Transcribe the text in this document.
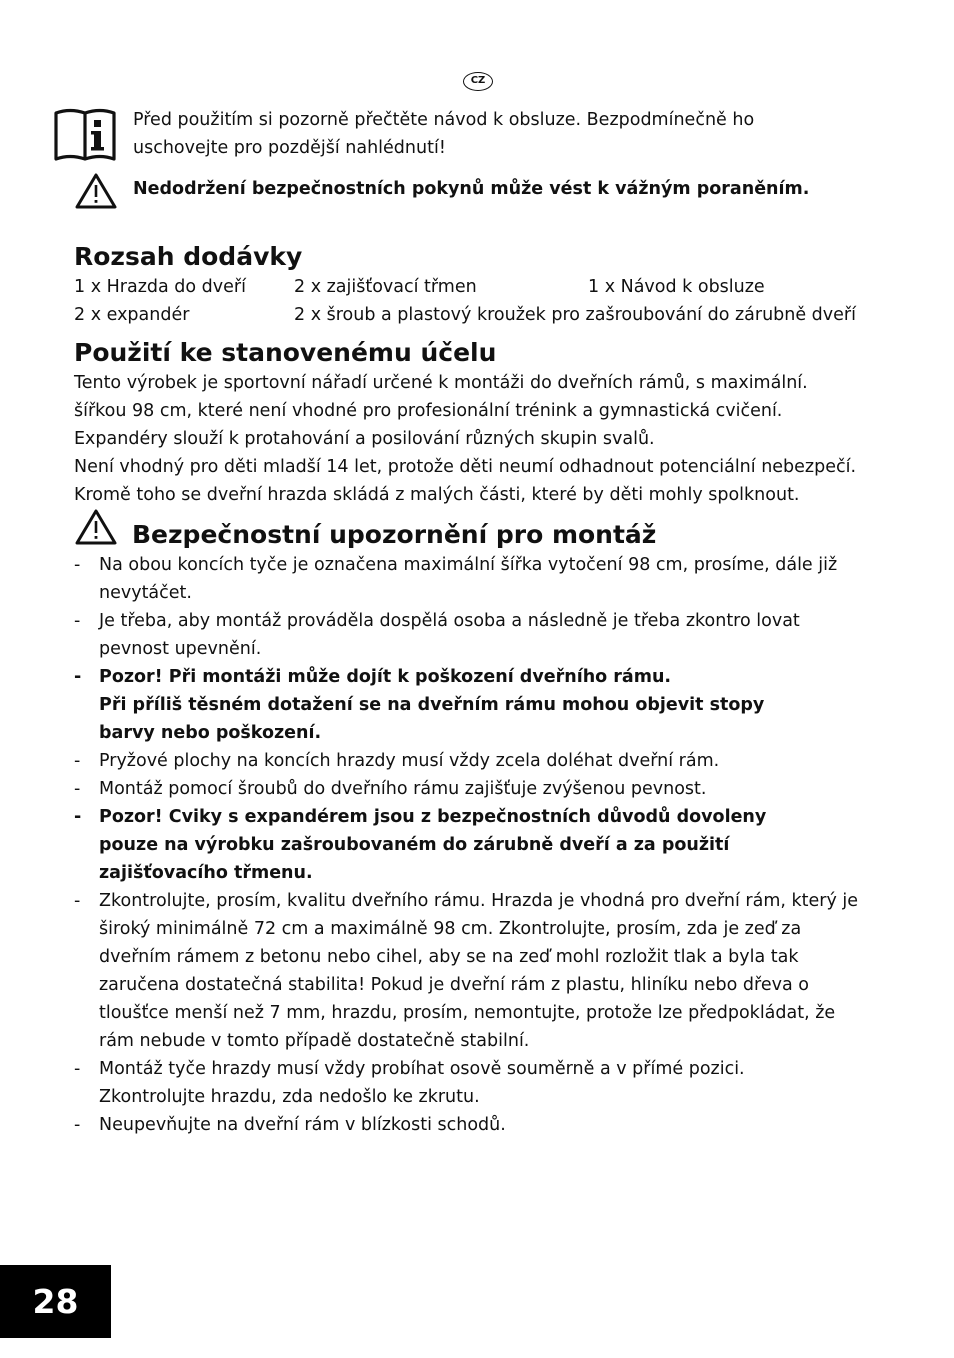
CZ
Před použitím si pozorně přečtěte návod k obsluze. Bezpodmínečně ho
uschovejte pro pozdější nahlédnutí!
Nedodržení bezpečnostních pokynů může vést k vážným poraněním.
Rozsah dodávky
1 x Hrazda do dveří	2 x zajišťovací třmen	1 x Návod k obsluze
2 x expandér	2 x šroub a plastový kroužek pro zašroubování do zárubně dveří
Použití ke stanovenému účelu

Tento výrobek je sportovní nářadí určené k montáži do dveřních rámů, s maximální.

šířkou 98 cm, které není vhodné pro profesionální trénink a gymnastická cvičení.

Expandéry slouží k protahování a posilování různých skupin svalů.

Není vhodný pro děti mladší 14 let, protože děti neumí odhadnout potenciální nebezpečí.

Kromě toho se dveřní hrazda skládá z malých části, které by děti mohly spolknout.

Bezpečnostní upozornění pro montáž
- Na obou koncích tyče je označena maximální šířka vytočení 98 cm, prosíme, dále již
nevytáčet.
- Je třeba, aby montáž prováděla dospělá osoba a následně je třeba zkontro lovat
pevnost upevnění.
- Pozor! Při montáži může dojít k poškození dveřního rámu.
Při příliš těsném dotažení se na dveřním rámu mohou objevit stopy
barvy nebo poškození.
- Pryžové plochy na koncích hrazdy musí vždy zcela doléhat dveřní rám.
- Montáž pomocí šroubů do dveřního rámu zajišťuje zvýšenou pevnost.
- Pozor! Cviky s expandérem jsou z bezpečnostních důvodů dovoleny
pouze na výrobku zašroubovaném do zárubně dveří a za použití
zajišťovacího třmenu.
- Zkontrolujte, prosím, kvalitu dveřního rámu. Hrazda je vhodná pro dveřní rám, který je
široký minimálně 72 cm a maximálně 98 cm. Zkontrolujte, prosím, zda je zeď za
dveřním rámem z betonu nebo cihel, aby se na zeď mohl rozložit tlak a byla tak
zaručena dostatečná stabilita! Pokud je dveřní rám z plastu, hliníku nebo dřeva o
tloušťce menší než 7 mm, hrazdu, prosím, nemontujte, protože lze předpokládat, že
rám nebude v tomto případě dostatečně stabilní.
- Montáž tyče hrazdy musí vždy probíhat osově souměrně a v přímé pozici.
Zkontrolujte hrazdu, zda nedošlo ke zkrutu.
- Neupevňujte na dveřní rám v blízkosti schodů.
28
